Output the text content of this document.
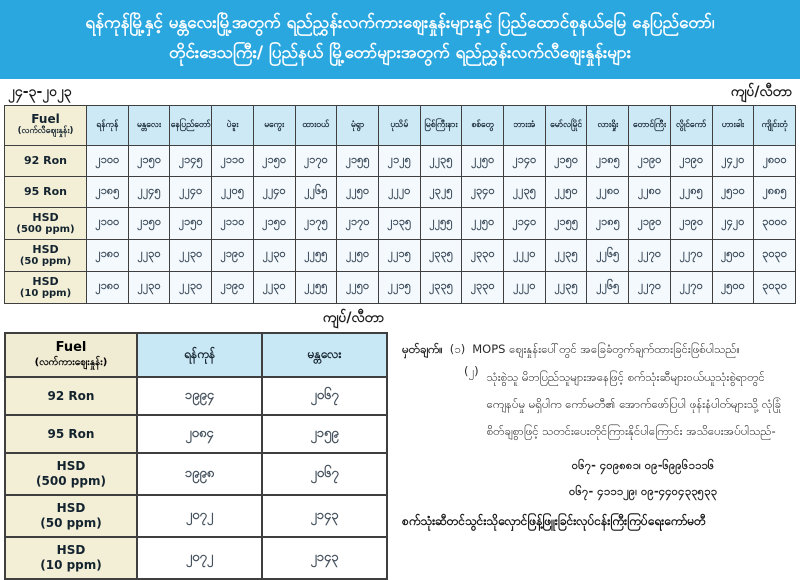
ရန်ကုန်မြို့နှင့် မန္တလေးမြို့အတွက် ရည်ညွှန်းလက်ကားဈေးနှုန်းများနှင့် ပြည်ထောင်စုနယ်မြေ နေပြည်တော်၊
တိုင်းဒေသကြီး/ ပြည်နယ် မြို့တော်များအတွက် ရည်ညွှန်းလက်လီဈေးနှုန်းများ
၂၄-၃-၂၀၂၃	ကျပ်/လီတာ
Fuel
(လက်လီဈေးနှုန်း)	ရန်ကုန်	မန္တလေး	နေပြည်တော်	ပဲခူး	မကွေး	ထားဝယ်	မုံရွာ	ပုသိမ်	မြစ်ကြီးနား	စစ်တွေ	ဘားအံ	မော်လမြိုင်	လားရှိုး	တောင်ကြီး	လွိုင်ကော်	ဟားခါး	ကျိုင်းတုံ

92 Ron	၂၁၀၀	၂၁၅၀	၂၁၄၅	၂၁၁၀	၂၁၅၀	၂၁၇၀	၂၁၅၅	၂၁၂၅	၂၂၃၅	၂၂၅၀	၂၁၄၀	၂၁၅၀	၂၁၈၅	၂၁၉၀	၂၁၉၀	၂၄၂၀	၂၈၀၀

95 Ron	၂၁၈၅	၂၂၄၅	၂၂၄၀	၂၂၀၅	၂၂၄၀	၂၂၆၅	၂၂၅၀	၂၂၂၀	၂၃၂၅	၂၃၄၀	၂၂၃၅	၂၂၅၀	၂၂၈၀	၂၂၈၀	၂၂၈၅	၂၅၁၀	၂၈၈၅

HSD
(500 ppm)	၂၁၀၀	၂၁၅၀	၂၁၅၀	၂၁၁၀	၂၁၅၀	၂၁၇၅	၂၁၇၀	၂၁၃၅	၂၂၅၅	၂၂၅၀	၂၁၄၀	၂၁၅၅	၂၁၈၅	၂၁၉၀	၂၁၉၀	၂၄၂၀	၃၀၀၀

HSD
(50 ppm)	၂၁၈၀	၂၂၃၀	၂၂၃၀	၂၁၉၀	၂၂၃၀	၂၂၅၅	၂၂၅၀	၂၂၁၅	၂၃၃၅	၂၃၃၀	၂၂၂၀	၂၂၃၅	၂၂၆၅	၂၂၇၀	၂၂၇၀	၂၅၀၀	၃၀၃၀

HSD
(10 ppm)	၂၁၈၀	၂၂၃၀	၂၂၃၀	၂၁၉၀	၂၂၃၀	၂၂၅၅	၂၂၅၀	၂၂၁၅	၂၃၃၅	၂၃၃၀	၂၂၂၀	၂၂၃၅	၂၂၆၅	၂၂၇၀	၂၂၇၀	၂၅၀၀	၃၀၃၀
ကျပ်/လီတာ
Fuel
(လက်ကားဈေးနှုန်း)	ရန်ကုန်	မန္တလေး

92 Ron	၁၉၉၄	၂၀၆၇

95 Ron	၂၀၈၄	၂၁၅၉

HSD
(500 ppm)	၁၉၉၈	၂၀၆၇

HSD
(50 ppm)	၂၀၇၂	၂၁၄၃

HSD
(10 ppm)	၂၀၇၂	၂၁၄၃
မှတ်ချက်။ (၁) MOPS ဈေးနှုန်းပေါ်တွင် အခြေခံတွက်ချက်ထားခြင်းဖြစ်ပါသည်။
(၂) သုံးစွဲသူ မိဘပြည်သူများအနေဖြင့် စက်သုံးဆီများဝယ်ယူသုံးစွဲရာတွင် ကျေနပ်မှု မရှိပါက ကော်မတီ၏ အောက်ဖော်ပြပါ ဖုန်းနံပါတ်များသို့ လုံခြုံစိတ်ချစွာဖြင့် သတင်းပေးတိုင်ကြားနိုင်ပါကြောင်း အသိပေးအပ်ပါသည်-
၀၆၇- ၄၀၉၈၈၁၊ ၀၉-၆၉၉၆၁၁၁၆
၀၆၇- ၄၁၁၁၂၉၊ ၀၉-၄၄၀၄၃၃၅၃၃
စက်သုံးဆီတင်သွင်းသိုလှောင်ဖြန့်ဖြူးခြင်းလုပ်ငန်းကြီးကြပ်ရေးကော်မတီ
